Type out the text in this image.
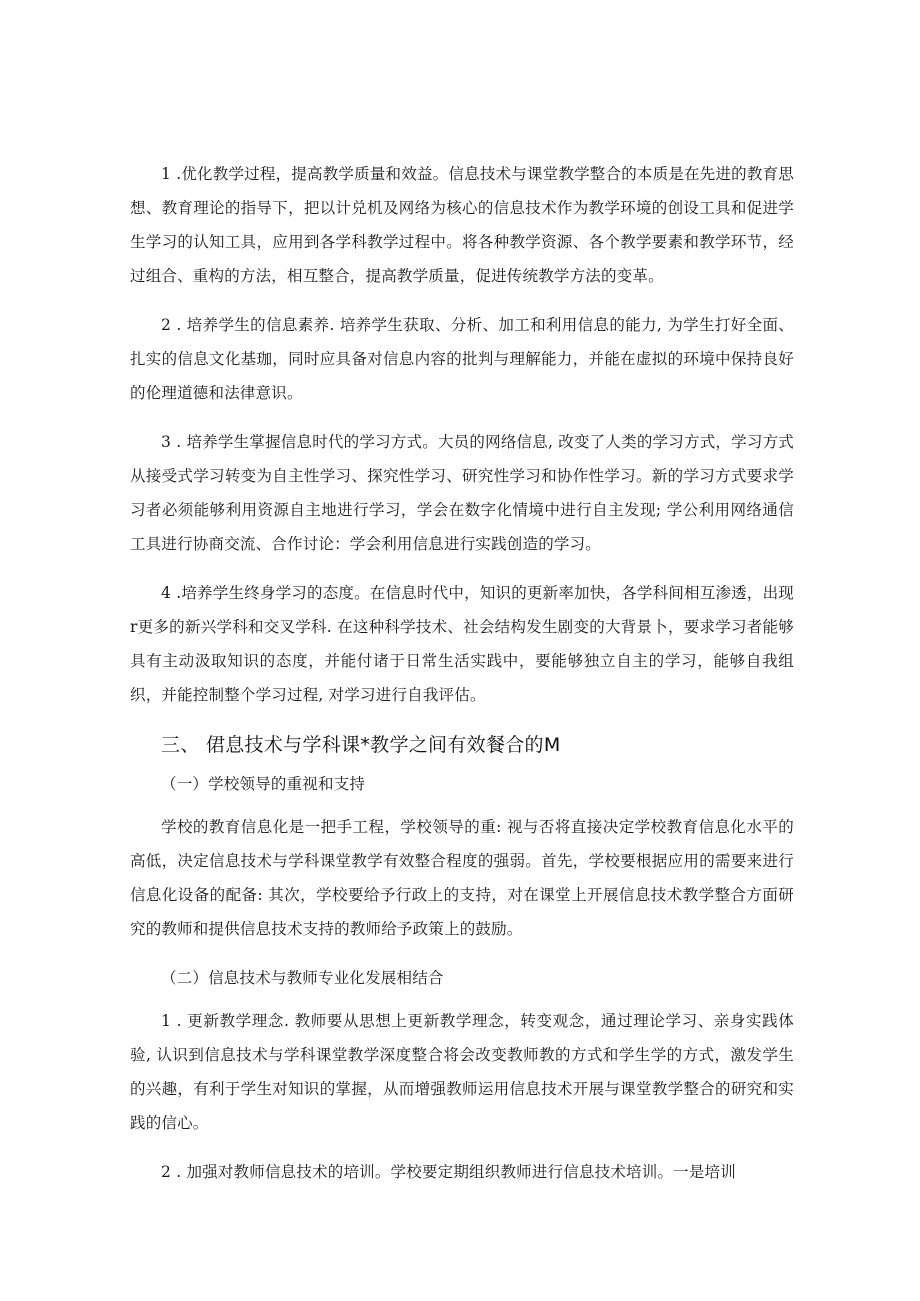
1 .优化教学过程，提高教学质量和效益。信息技术与课堂教学整合的本质是在先进的教育思想、教育理论的指导下，把以计兑机及网络为核心的信息技术作为教学环境的创设工具和促进学生学习的认知工具，应用到各学科教学过程中。将各种教学资源、各个教学要素和教学环节，经过组合、重构的方法，相互整合，提高教学质量，促进传统教学方法的变革。

2 . 培养学生的信息素养. 培养学生获取、分析、加工和利用信息的能力, 为学生打好全面、扎实的信息文化基珈，同时应具备对信息内容的批判与理解能力，并能在虚拟的环境中保持良好的伦理道德和法律意识。

3 . 培养学生掌握信息时代的学习方式。大员的网络信息, 改变了人类的学习方式，学习方式从接受式学习转变为自主性学习、探究性学习、研究性学习和协作性学习。新的学习方式要求学习者必须能够利用资源自主地进行学习，学会在数字化情境中进行自主发现; 学公利用网络通信工具进行协商交流、合作讨论：学会利用信息进行实践创造的学习。

4 .培养学生终身学习的态度。在信息时代中，知识的更新率加快，各学科间相互渗透，出现r更多的新兴学科和交叉学科. 在这种科学技术、社会结构发生剧变的大背景卜，要求学习者能够具有主动汲取知识的态度，并能付诸于日常生活实践中，要能够独立自主的学习，能够自我组织，并能控制整个学习过程, 对学习进行自我评估。

三、 侰息技术与学科课*教学之间有效餐合的M

（一）学校领导的重视和支持

学校的教育信息化是一把手工程，学校领导的重: 视与否将直接决定学校教育信息化水平的高低，决定信息技术与学科课堂教学有效整合程度的强弱。首先，学校要根据应用的需要来进行信息化设备的配备: 其次，学校要给予行政上的支持，对在课堂上开展信息技术教学整合方面研究的教师和提供信息技术支持的教师给予政策上的鼓励。

（二）信息技术与教师专业化发展相结合

1 . 更新教学理念. 教师要从思想上更新教学理念，转变观念，通过理论学习、亲身实践体验, 认识到信息技术与学科课堂教学深度整合将会改变教师教的方式和学生学的方式，激发学生的兴趣，有利于学生对知识的掌握，从而增强教师运用信息技术开展与课堂教学整合的研究和实践的信心。

2 . 加强对教师信息技术的培训。学校要定期组织教师进行信息技术培训。一是培训
